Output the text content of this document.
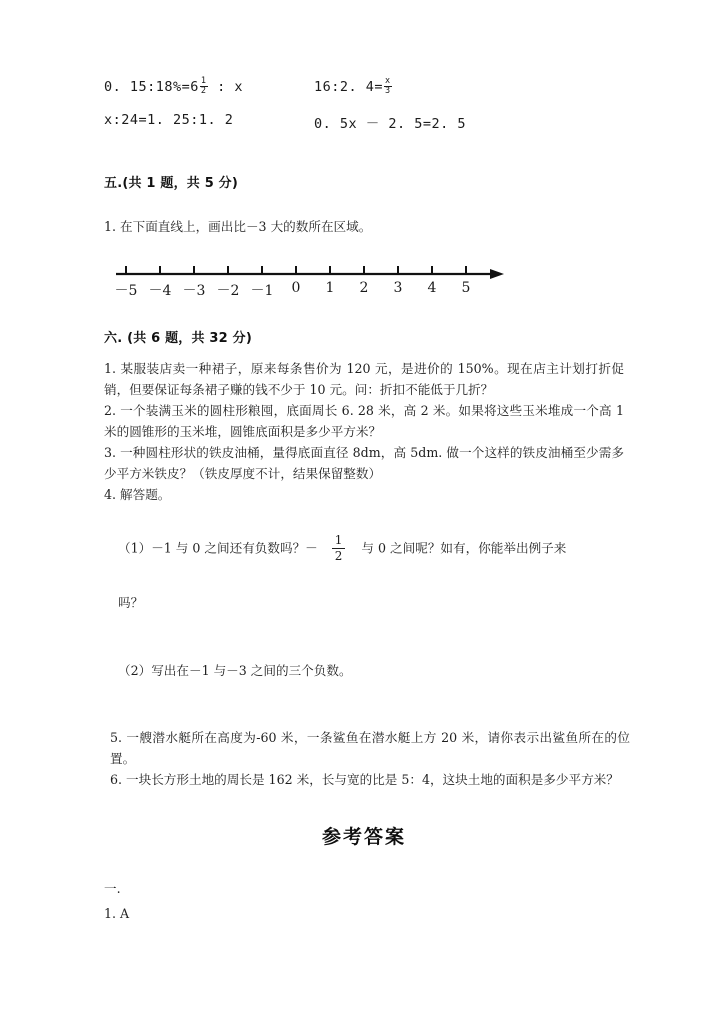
0. 15:18%=6 $\frac{1}{2}$ : x	16:2. $4= \frac{x}{3}$
x:24=1. 25:1. 2	0. 5x － 2. 5=2. 5
五.(共 1 题，共 5 分)
1. 在下面直线上，画出比－3 大的数所在区域。
－5 －4 －3 －2 －1 0 1 2 3 4 5
六. (共 6 题，共 32 分)
1. 某服装店卖一种裙子，原来每条售价为 120 元，是进价的 150%。现在店主计划打折促销，但要保证每条裙子赚的钱不少于 10 元。问：折扣不能低于几折？
2. 一个装满玉米的圆柱形粮囤，底面周长 6. 28 米，高 2 米。如果将这些玉米堆成一个高 1 米的圆锥形的玉米堆，圆锥底面积是多少平方米？
3. 一种圆柱形状的铁皮油桶，量得底面直径 8dm，高 5dm. 做一个这样的铁皮油桶至少需多少平方米铁皮？（铁皮厚度不计，结果保留整数）
4. 解答题。
（1）－1 与 0 之间还有负数吗？－ $\frac{1}{2}$ 与 0 之间呢？如有，你能举出例子来
吗？
（2）写出在－1 与－3 之间的三个负数。
5. 一艘潜水艇所在高度为-60 米，一条鲨鱼在潜水艇上方 20 米，请你表示出鲨鱼所在的位置。
6. 一块长方形土地的周长是 162 米，长与宽的比是 5：4，这块土地的面积是多少平方米？
参考答案
一.
1. A
